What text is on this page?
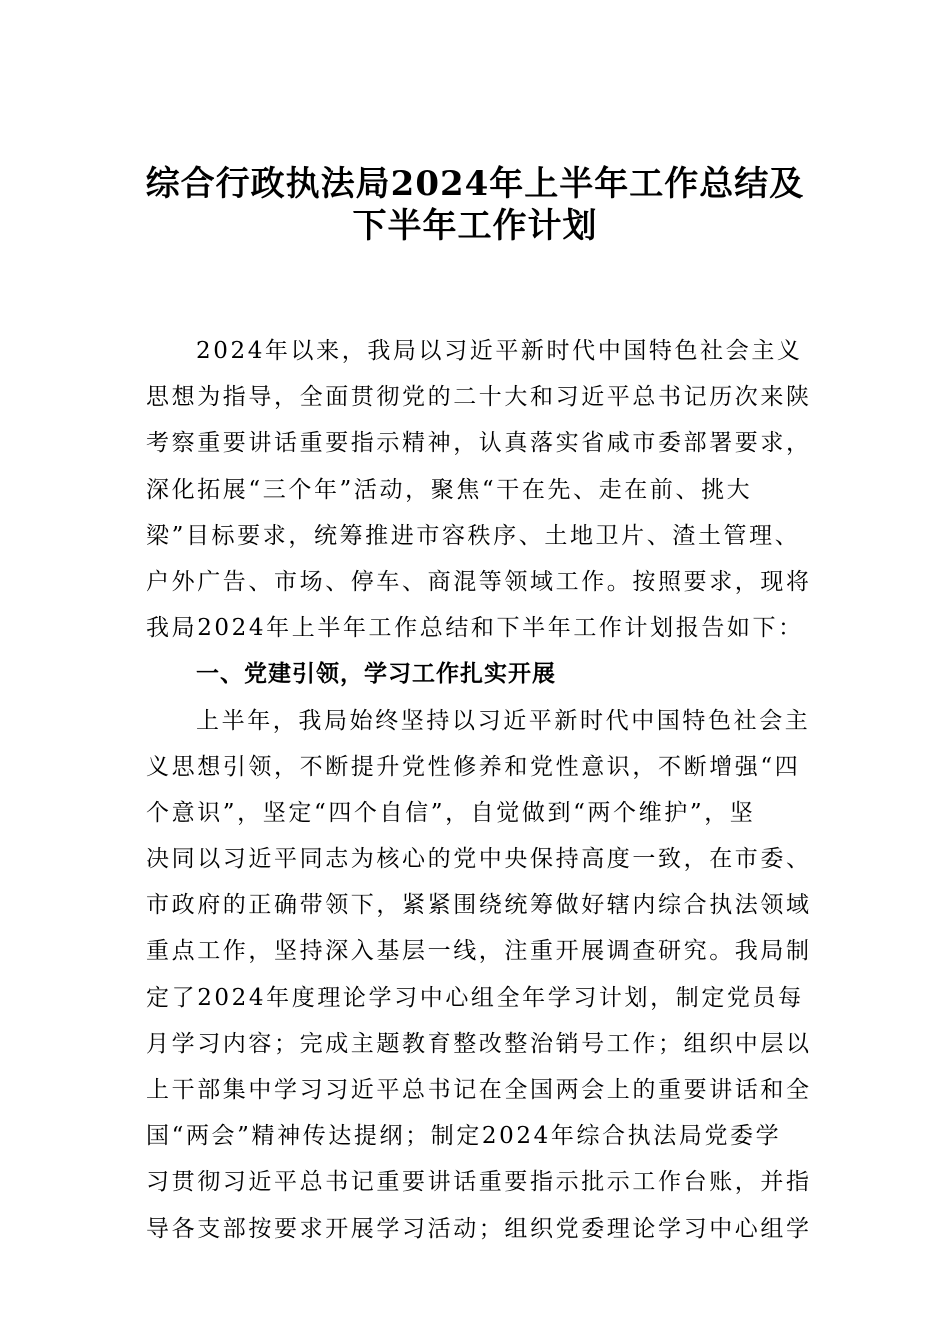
综合行政执法局2024年上半年工作总结及
下半年工作计划
2024年以来，我局以习近平新时代中国特色社会主义
思想为指导，全面贯彻党的二十大和习近平总书记历次来陕
考察重要讲话重要指示精神，认真落实省咸市委部署要求，
深化拓展“三个年”活动，聚焦“干在先、走在前、挑大
梁”目标要求，统筹推进市容秩序、土地卫片、渣土管理、
户外广告、市场、停车、商混等领域工作。按照要求，现将
我局2024年上半年工作总结和下半年工作计划报告如下：
一、党建引领，学习工作扎实开展
上半年，我局始终坚持以习近平新时代中国特色社会主
义思想引领，不断提升党性修养和党性意识，不断增强“四
个意识”，坚定“四个自信”，自觉做到“两个维护”，坚
决同以习近平同志为核心的党中央保持高度一致，在市委、
市政府的正确带领下，紧紧围绕统筹做好辖内综合执法领域
重点工作，坚持深入基层一线，注重开展调查研究。我局制
定了2024年度理论学习中心组全年学习计划，制定党员每
月学习内容；完成主题教育整改整治销号工作；组织中层以
上干部集中学习习近平总书记在全国两会上的重要讲话和全
国“两会”精神传达提纲；制定2024年综合执法局党委学
习贯彻习近平总书记重要讲话重要指示批示工作台账，并指
导各支部按要求开展学习活动；组织党委理论学习中心组学
